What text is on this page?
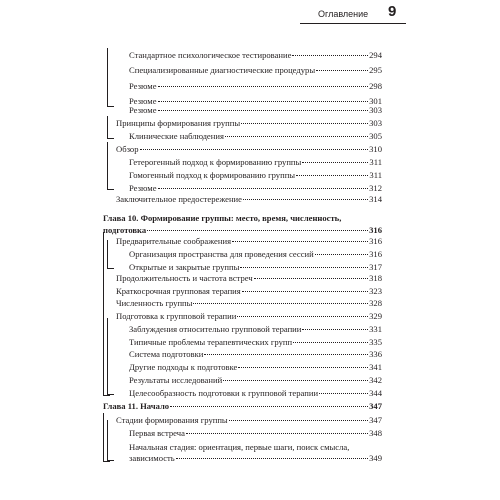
Оглавление 9
Стандартное психологическое тестирование	294
Специализированные диагностические процедуры	295
Резюме	298
Резюме	301
Резюме	303
Принципы формирования группы	303
Клинические наблюдения	305
Обзор	310
Гетерогенный подход к формированию группы	311
Гомогенный подход к формированию группы	311
Резюме	312
Заключительное предостережение	314
Глава 10. Формирование группы: место, время, численность,
подготовка	316
Предварительные соображения	316
Организация пространства для проведения сессий	316
Открытые и закрытые группы	317
Продолжительность и частота встреч	318
Краткосрочная групповая терапия	323
Численность группы	328
Подготовка к групповой терапии	329
Заблуждения относительно групповой терапии	331
Типичные проблемы терапевтических групп	335
Система подготовки	336
Другие подходы к подготовке	341
Результаты исследований	342
Целесообразность подготовки к групповой терапии	344
Глава 11. Начало	347
Стадии формирования группы	347
Первая встреча	348
Начальная стадия: ориентация, первые шаги, поиск смысла,
зависимость	349
